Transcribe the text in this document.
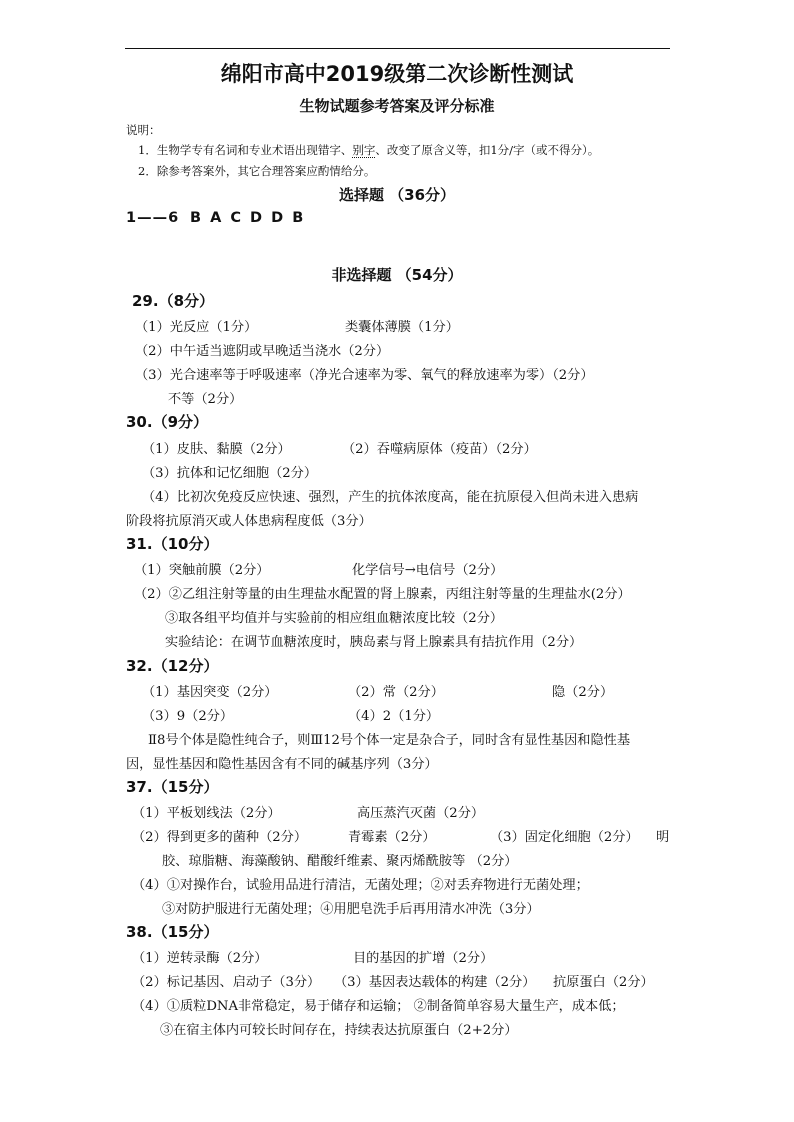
绵阳市高中2019级第二次诊断性测试
生物试题参考答案及评分标准
说明：
1．生物学专有名词和专业术语出现错字、别字、改变了原含义等，扣1分/字（或不得分）。
2．除参考答案外，其它合理答案应酌情给分。
选择题 （36分）
1——6 B A C D D B
非选择题 （54分）
29.（8分）
（1）光反应（1分）	类囊体薄膜（1分）
（2）中午适当遮阴或早晚适当浇水（2分）
（3）光合速率等于呼吸速率（净光合速率为零、氧气的释放速率为零）（2分）
不等（2分）
30.（9分）
（1）皮肤、黏膜（2分）	（2）吞噬病原体（疫苗）（2分）
（3）抗体和记忆细胞（2分）
（4）比初次免疫反应快速、强烈，产生的抗体浓度高，能在抗原侵入但尚未进入患病
阶段将抗原消灭或人体患病程度低（3分）
31.（10分）
（1）突触前膜（2分）	化学信号→电信号（2分）
（2）②乙组注射等量的由生理盐水配置的肾上腺素，丙组注射等量的生理盐水(2分）
③取各组平均值并与实验前的相应组血糖浓度比较（2分）
实验结论：在调节血糖浓度时，胰岛素与肾上腺素具有拮抗作用（2分）
32.（12分）
（1）基因突变（2分）	（2）常（2分）	隐（2分）
（3）9（2分）	（4）2（1分）
Ⅱ8号个体是隐性纯合子，则Ⅲ12号个体一定是杂合子，同时含有显性基因和隐性基
因，显性基因和隐性基因含有不同的碱基序列（3分）
37.（15分）
（1）平板划线法（2分）	高压蒸汽灭菌（2分）
（2）得到更多的菌种（2分）	青霉素（2分）	（3）固定化细胞（2分） 明
胶、琼脂糖、海藻酸钠、醋酸纤维素、聚丙烯酰胺等 （2分）
（4）①对操作台，试验用品进行清洁，无菌处理；②对丢弃物进行无菌处理；
③对防护服进行无菌处理；④用肥皂洗手后再用清水冲洗（3分）
38.（15分）
（1）逆转录酶（2分）	目的基因的扩增（2分）
（2）标记基因、启动子（3分） （3）基因表达载体的构建（2分） 抗原蛋白（2分）
（4）①质粒DNA非常稳定，易于储存和运输； ②制备简单容易大量生产，成本低；
③在宿主体内可较长时间存在，持续表达抗原蛋白（2+2分）
